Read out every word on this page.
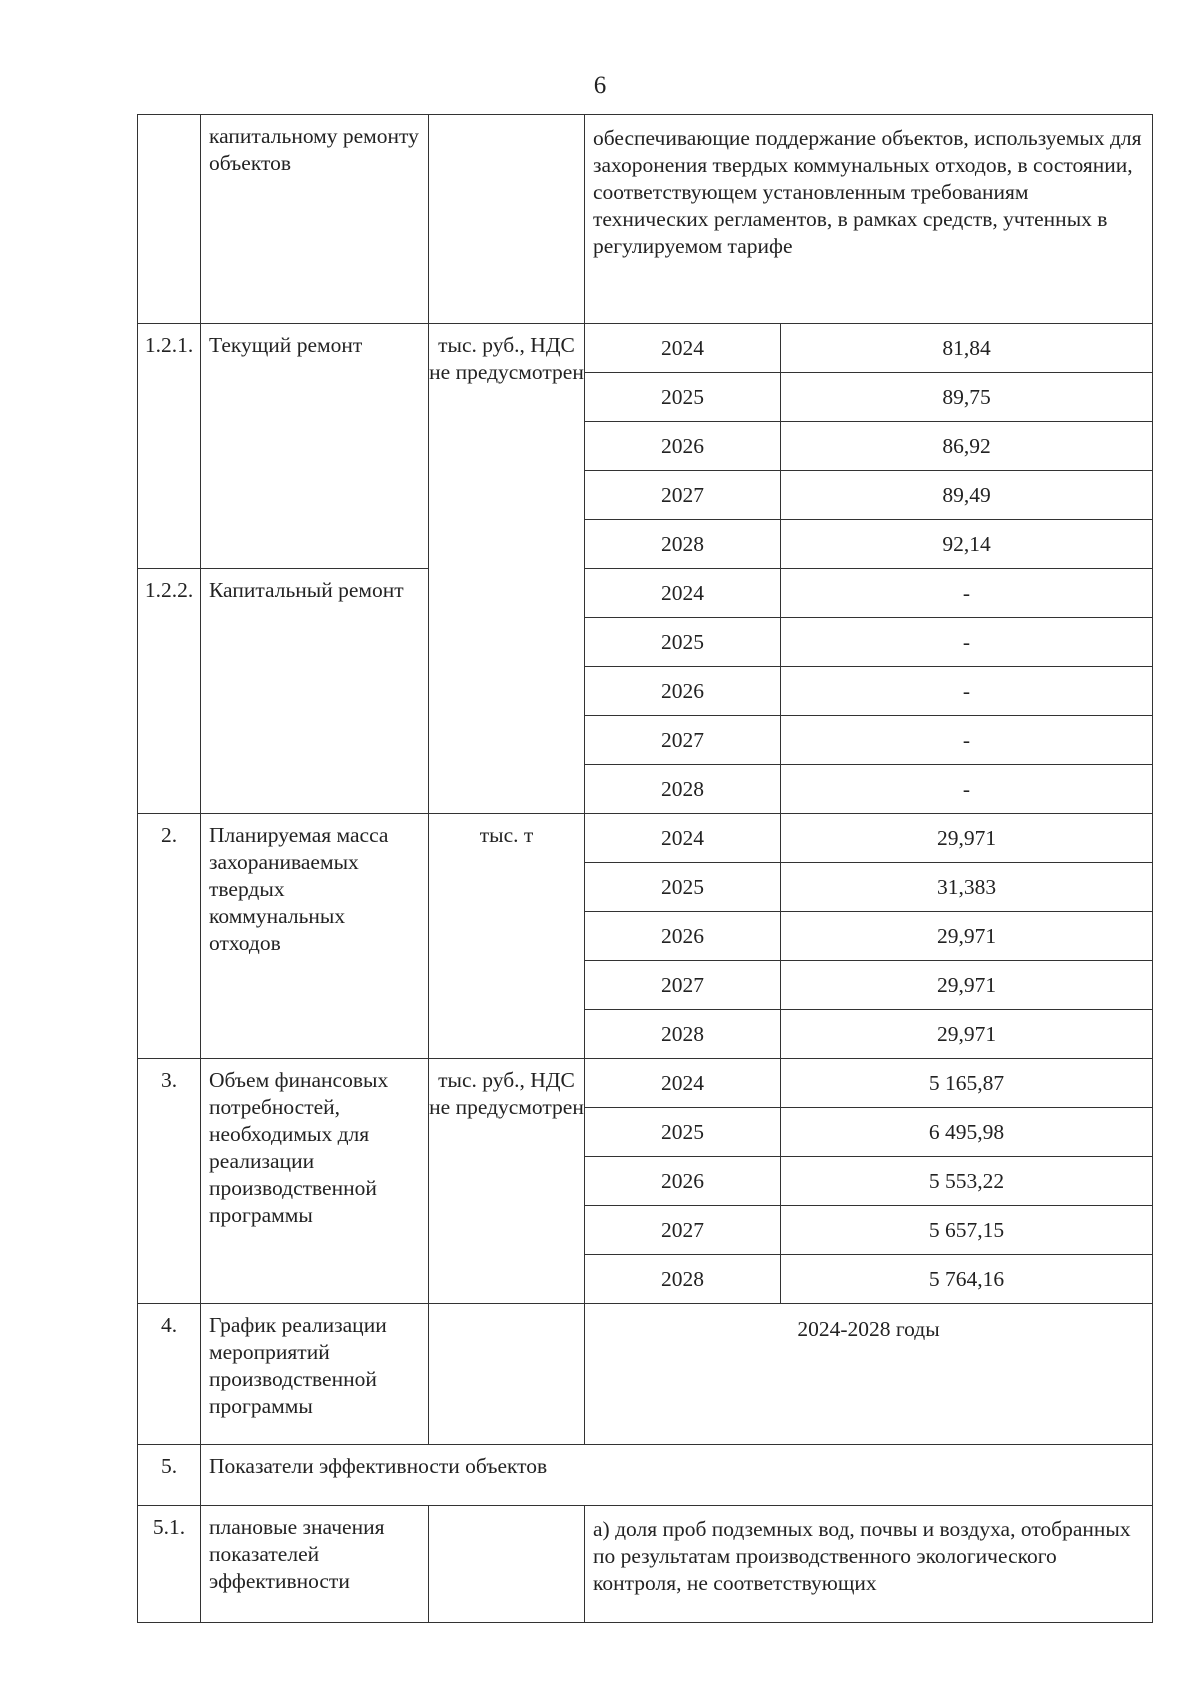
6
	капитальному ремонту объектов		обеспечивающие поддержание объектов, используемых для захоронения твердых коммунальных отходов, в состоянии, соответствующем установленным требованиям технических регламентов, в рамках средств, учтенных в регулируемом тарифе	
1.2.1.	Текущий ремонт	тыс. руб., НДС не предусмотрен	2024	81,84
			2025	89,75
			2026	86,92
			2027	89,49
			2028	92,14
1.2.2.	Капитальный ремонт		2024	-
			2025	-
			2026	-
			2027	-
			2028	-
2.	Планируемая масса захораниваемых твердых коммунальных отходов	тыс. т	2024	29,971
			2025	31,383
			2026	29,971
			2027	29,971
			2028	29,971
3.	Объем финансовых потребностей, необходимых для реализации производственной программы	тыс. руб., НДС не предусмотрен	2024	5 165,87
			2025	6 495,98
			2026	5 553,22
			2027	5 657,15
			2028	5 764,16
4.	График реализации мероприятий производственной программы		2024-2028 годы	
5.	Показатели эффективности объектов			
5.1.	плановые значения показателей эффективности		а) доля проб подземных вод, почвы и воздуха, отобранных по результатам производственного экологического контроля, не соответствующих	
